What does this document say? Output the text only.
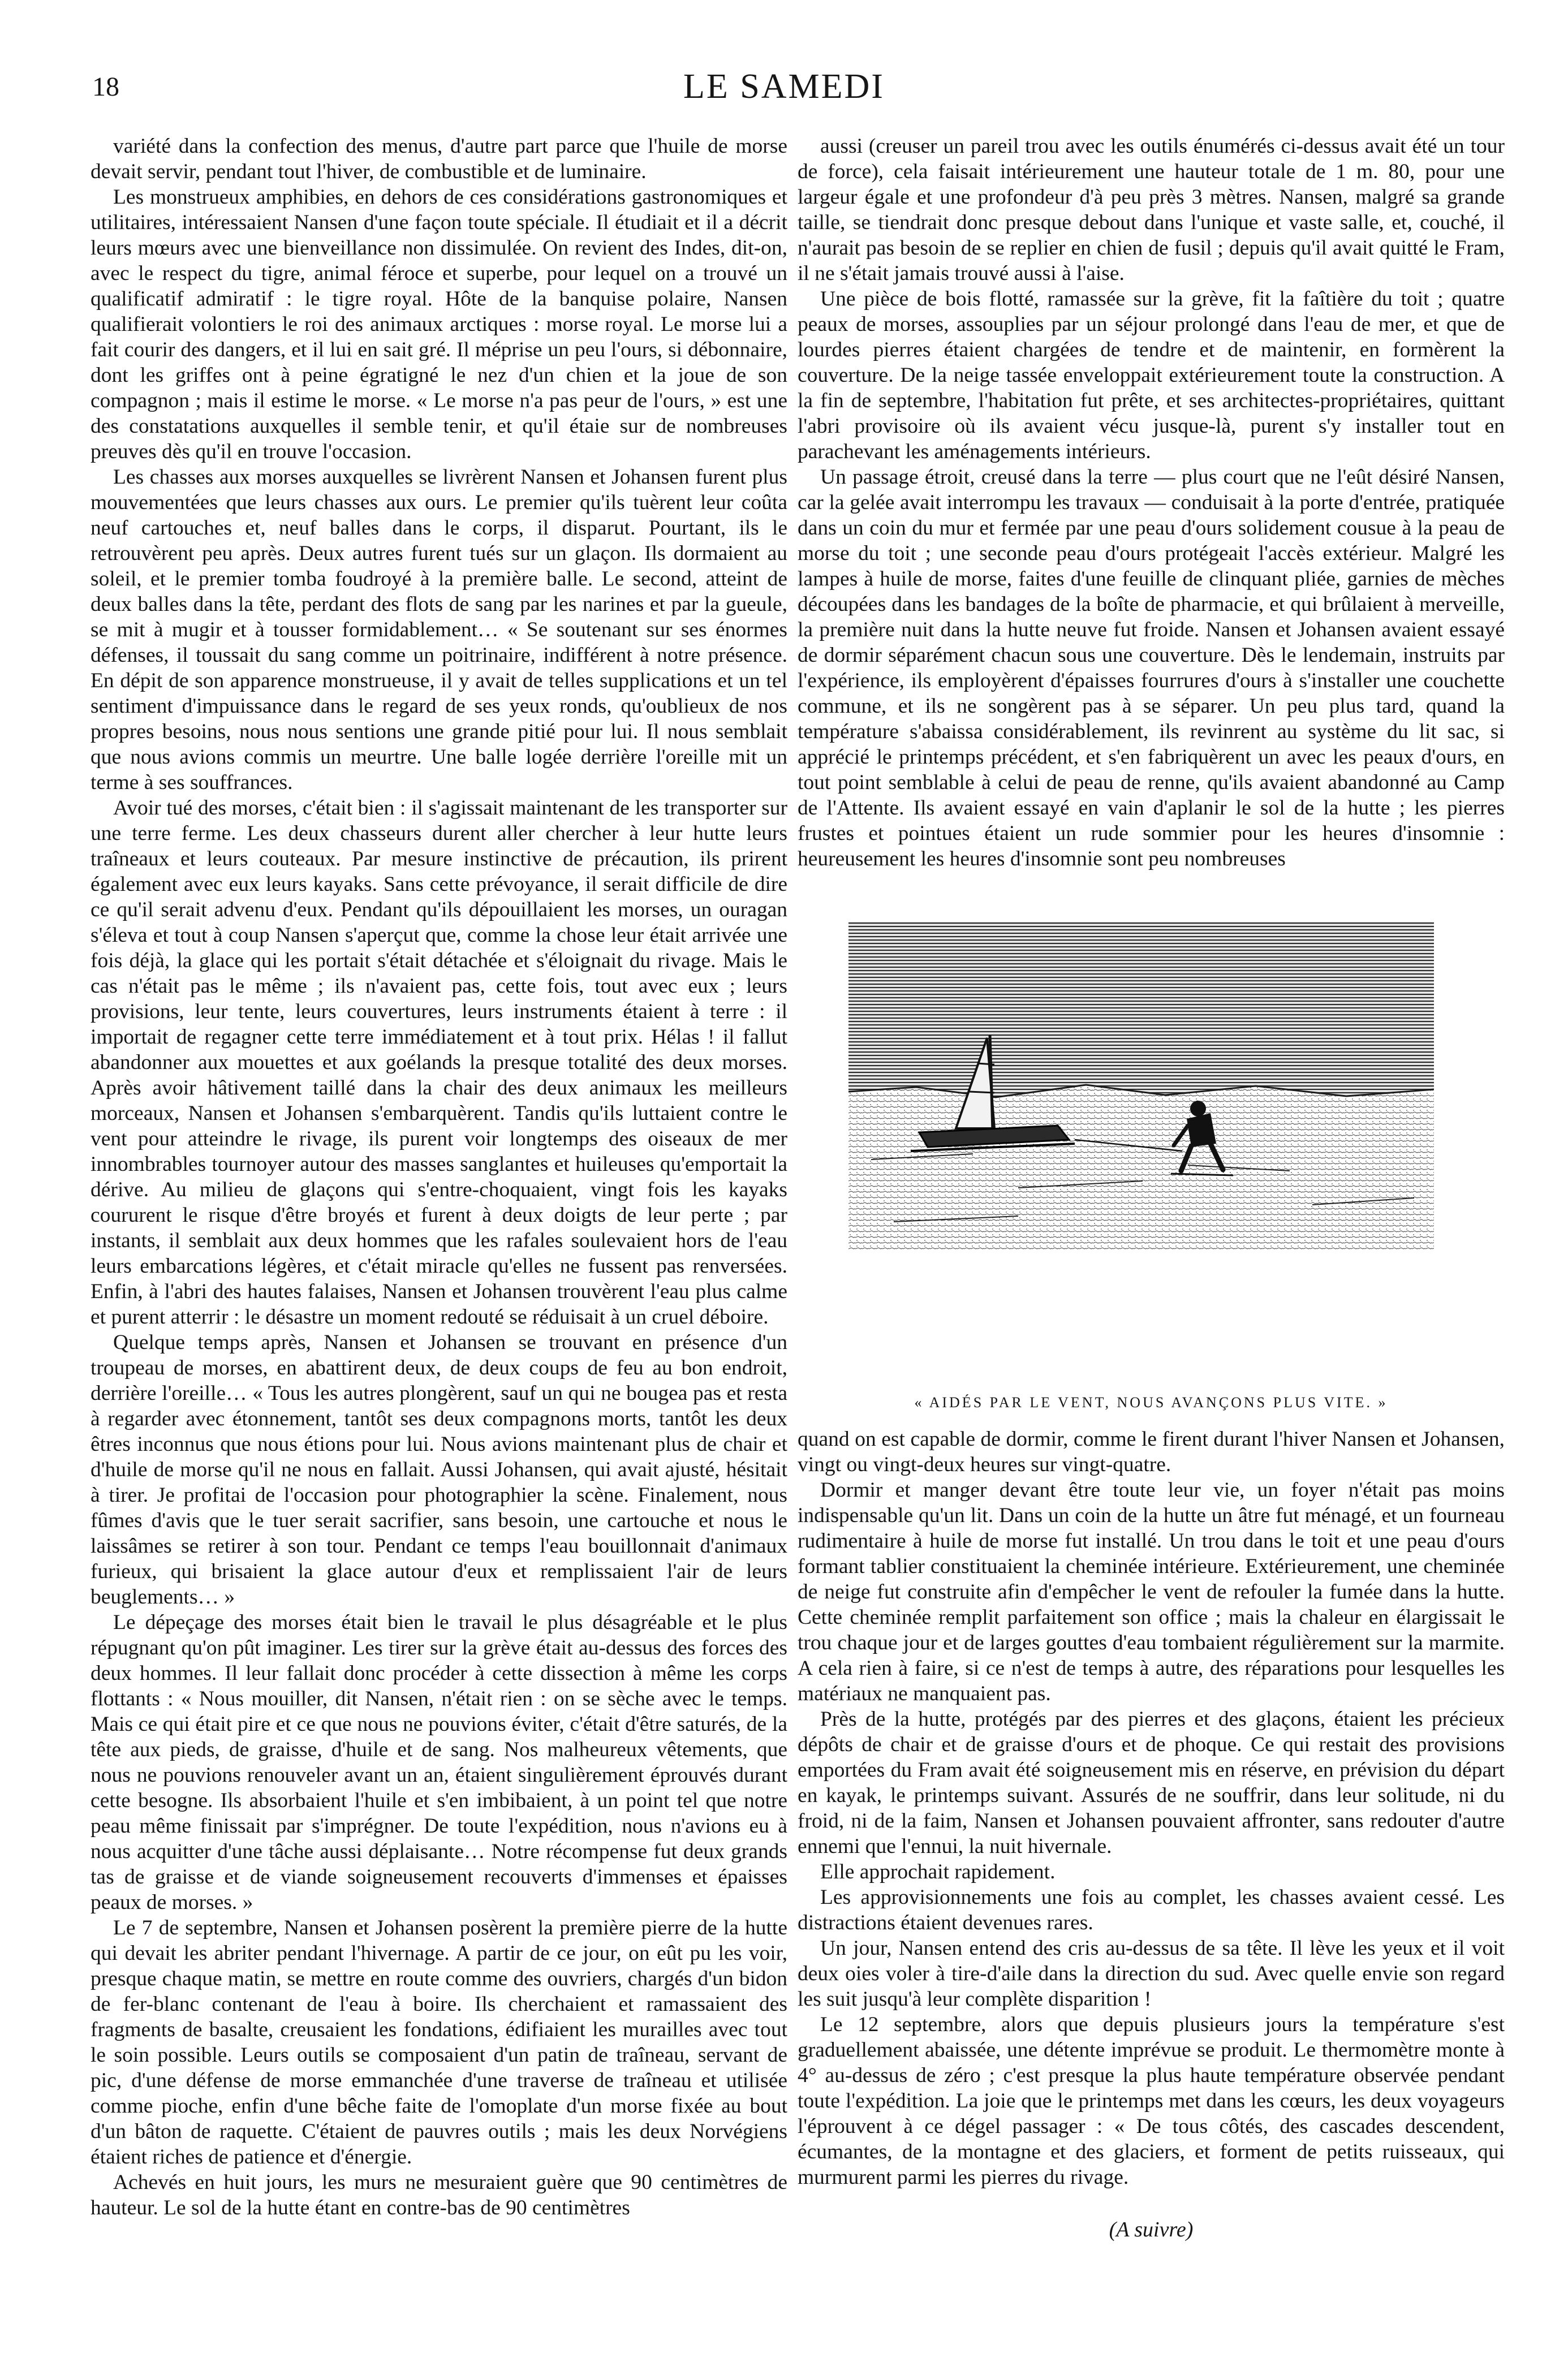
18	LE SAMEDI

variété dans la confection des menus, d'autre part parce que l'huile de morse devait servir, pendant tout l'hiver, de combustible et de luminaire.

Les monstrueux amphibies, en dehors de ces considérations gastronomiques et utilitaires, intéressaient Nansen d'une façon toute spéciale. Il étudiait et il a décrit leurs mœurs avec une bienveillance non dissimulée. On revient des Indes, dit-on, avec le respect du tigre, animal féroce et superbe, pour lequel on a trouvé un qualificatif admiratif : le tigre royal. Hôte de la banquise polaire, Nansen qualifierait volontiers le roi des animaux arctiques : morse royal. Le morse lui a fait courir des dangers, et il lui en sait gré. Il méprise un peu l'ours, si débonnaire, dont les griffes ont à peine égratigné le nez d'un chien et la joue de son compagnon ; mais il estime le morse. « Le morse n'a pas peur de l'ours, » est une des constatations auxquelles il semble tenir, et qu'il étaie sur de nombreuses preuves dès qu'il en trouve l'occasion.

Les chasses aux morses auxquelles se livrèrent Nansen et Johansen furent plus mouvementées que leurs chasses aux ours. Le premier qu'ils tuèrent leur coûta neuf cartouches et, neuf balles dans le corps, il disparut. Pourtant, ils le retrouvèrent peu après. Deux autres furent tués sur un glaçon. Ils dormaient au soleil, et le premier tomba foudroyé à la première balle. Le second, atteint de deux balles dans la tête, perdant des flots de sang par les narines et par la gueule, se mit à mugir et à tousser formidablement… « Se soutenant sur ses énormes défenses, il toussait du sang comme un poitrinaire, indifférent à notre présence. En dépit de son apparence monstrueuse, il y avait de telles supplications et un tel sentiment d'impuissance dans le regard de ses yeux ronds, qu'oublieux de nos propres besoins, nous nous sentions une grande pitié pour lui. Il nous semblait que nous avions commis un meurtre. Une balle logée derrière l'oreille mit un terme à ses souffrances.

Avoir tué des morses, c'était bien : il s'agissait maintenant de les transporter sur une terre ferme. Les deux chasseurs durent aller chercher à leur hutte leurs traîneaux et leurs couteaux. Par mesure instinctive de précaution, ils prirent également avec eux leurs kayaks. Sans cette prévoyance, il serait difficile de dire ce qu'il serait advenu d'eux. Pendant qu'ils dépouillaient les morses, un ouragan s'éleva et tout à coup Nansen s'aperçut que, comme la chose leur était arrivée une fois déjà, la glace qui les portait s'était détachée et s'éloignait du rivage. Mais le cas n'était pas le même ; ils n'avaient pas, cette fois, tout avec eux ; leurs provisions, leur tente, leurs couvertures, leurs instruments étaient à terre : il importait de regagner cette terre immédiatement et à tout prix. Hélas ! il fallut abandonner aux mouettes et aux goélands la presque totalité des deux morses. Après avoir hâtivement taillé dans la chair des deux animaux les meilleurs morceaux, Nansen et Johansen s'embarquèrent. Tandis qu'ils luttaient contre le vent pour atteindre le rivage, ils purent voir longtemps des oiseaux de mer innombrables tournoyer autour des masses sanglantes et huileuses qu'emportait la dérive. Au milieu de glaçons qui s'entre-choquaient, vingt fois les kayaks coururent le risque d'être broyés et furent à deux doigts de leur perte ; par instants, il semblait aux deux hommes que les rafales soulevaient hors de l'eau leurs embarcations légères, et c'était miracle qu'elles ne fussent pas renversées. Enfin, à l'abri des hautes falaises, Nansen et Johansen trouvèrent l'eau plus calme et purent atterrir : le désastre un moment redouté se réduisait à un cruel déboire.

Quelque temps après, Nansen et Johansen se trouvant en présence d'un troupeau de morses, en abattirent deux, de deux coups de feu au bon endroit, derrière l'oreille… « Tous les autres plongèrent, sauf un qui ne bougea pas et resta à regarder avec étonnement, tantôt ses deux compagnons morts, tantôt les deux êtres inconnus que nous étions pour lui. Nous avions maintenant plus de chair et d'huile de morse qu'il ne nous en fallait. Aussi Johansen, qui avait ajusté, hésitait à tirer. Je profitai de l'occasion pour photographier la scène. Finalement, nous fûmes d'avis que le tuer serait sacrifier, sans besoin, une cartouche et nous le laissâmes se retirer à son tour. Pendant ce temps l'eau bouillonnait d'animaux furieux, qui brisaient la glace autour d'eux et remplissaient l'air de leurs beuglements… »

Le dépeçage des morses était bien le travail le plus désagréable et le plus répugnant qu'on pût imaginer. Les tirer sur la grève était au-dessus des forces des deux hommes. Il leur fallait donc procéder à cette dissection à même les corps flottants : « Nous mouiller, dit Nansen, n'était rien : on se sèche avec le temps. Mais ce qui était pire et ce que nous ne pouvions éviter, c'était d'être saturés, de la tête aux pieds, de graisse, d'huile et de sang. Nos malheureux vêtements, que nous ne pouvions renouveler avant un an, étaient singulièrement éprouvés durant cette besogne. Ils absorbaient l'huile et s'en imbibaient, à un point tel que notre peau même finissait par s'imprégner. De toute l'expédition, nous n'avions eu à nous acquitter d'une tâche aussi déplaisante… Notre récompense fut deux grands tas de graisse et de viande soigneusement recouverts d'immenses et épaisses peaux de morses. »

Le 7 de septembre, Nansen et Johansen posèrent la première pierre de la hutte qui devait les abriter pendant l'hivernage. A partir de ce jour, on eût pu les voir, presque chaque matin, se mettre en route comme des ouvriers, chargés d'un bidon de fer-blanc contenant de l'eau à boire. Ils cherchaient et ramassaient des fragments de basalte, creusaient les fondations, édifiaient les murailles avec tout le soin possible. Leurs outils se composaient d'un patin de traîneau, servant de pic, d'une défense de morse emmanchée d'une traverse de traîneau et utilisée comme pioche, enfin d'une bêche faite de l'omoplate d'un morse fixée au bout d'un bâton de raquette. C'étaient de pauvres outils ; mais les deux Norvégiens étaient riches de patience et d'énergie.

Achevés en huit jours, les murs ne mesuraient guère que 90 centimètres de hauteur. Le sol de la hutte étant en contre-bas de 90 centimètres

aussi (creuser un pareil trou avec les outils énumérés ci-dessus avait été un tour de force), cela faisait intérieurement une hauteur totale de 1 m. 80, pour une largeur égale et une profondeur d'à peu près 3 mètres. Nansen, malgré sa grande taille, se tiendrait donc presque debout dans l'unique et vaste salle, et, couché, il n'aurait pas besoin de se replier en chien de fusil ; depuis qu'il avait quitté le Fram, il ne s'était jamais trouvé aussi à l'aise.

Une pièce de bois flotté, ramassée sur la grève, fit la faîtière du toit ; quatre peaux de morses, assouplies par un séjour prolongé dans l'eau de mer, et que de lourdes pierres étaient chargées de tendre et de maintenir, en formèrent la couverture. De la neige tassée enveloppait extérieurement toute la construction. A la fin de septembre, l'habitation fut prête, et ses architectes-propriétaires, quittant l'abri provisoire où ils avaient vécu jusque-là, purent s'y installer tout en parachevant les aménagements intérieurs.

Un passage étroit, creusé dans la terre — plus court que ne l'eût désiré Nansen, car la gelée avait interrompu les travaux — conduisait à la porte d'entrée, pratiquée dans un coin du mur et fermée par une peau d'ours solidement cousue à la peau de morse du toit ; une seconde peau d'ours protégeait l'accès extérieur. Malgré les lampes à huile de morse, faites d'une feuille de clinquant pliée, garnies de mèches découpées dans les bandages de la boîte de pharmacie, et qui brûlaient à merveille, la première nuit dans la hutte neuve fut froide. Nansen et Johansen avaient essayé de dormir séparément chacun sous une couverture. Dès le lendemain, instruits par l'expérience, ils employèrent d'épaisses fourrures d'ours à s'installer une couchette commune, et ils ne songèrent pas à se séparer. Un peu plus tard, quand la température s'abaissa considérablement, ils revinrent au système du lit sac, si apprécié le printemps précédent, et s'en fabriquèrent un avec les peaux d'ours, en tout point semblable à celui de peau de renne, qu'ils avaient abandonné au Camp de l'Attente. Ils avaient essayé en vain d'aplanir le sol de la hutte ; les pierres frustes et pointues étaient un rude sommier pour les heures d'insomnie : heureusement les heures d'insomnie sont peu nombreuses

« AIDÉS PAR LE VENT, NOUS AVANÇONS PLUS VITE. »

quand on est capable de dormir, comme le firent durant l'hiver Nansen et Johansen, vingt ou vingt-deux heures sur vingt-quatre.

Dormir et manger devant être toute leur vie, un foyer n'était pas moins indispensable qu'un lit. Dans un coin de la hutte un âtre fut ménagé, et un fourneau rudimentaire à huile de morse fut installé. Un trou dans le toit et une peau d'ours formant tablier constituaient la cheminée intérieure. Extérieurement, une cheminée de neige fut construite afin d'empêcher le vent de refouler la fumée dans la hutte. Cette cheminée remplit parfaitement son office ; mais la chaleur en élargissait le trou chaque jour et de larges gouttes d'eau tombaient régulièrement sur la marmite. A cela rien à faire, si ce n'est de temps à autre, des réparations pour lesquelles les matériaux ne manquaient pas.

Près de la hutte, protégés par des pierres et des glaçons, étaient les précieux dépôts de chair et de graisse d'ours et de phoque. Ce qui restait des provisions emportées du Fram avait été soigneusement mis en réserve, en prévision du départ en kayak, le printemps suivant. Assurés de ne souffrir, dans leur solitude, ni du froid, ni de la faim, Nansen et Johansen pouvaient affronter, sans redouter d'autre ennemi que l'ennui, la nuit hivernale.

Elle approchait rapidement.

Les approvisionnements une fois au complet, les chasses avaient cessé. Les distractions étaient devenues rares.

Un jour, Nansen entend des cris au-dessus de sa tête. Il lève les yeux et il voit deux oies voler à tire-d'aile dans la direction du sud. Avec quelle envie son regard les suit jusqu'à leur complète disparition !

Le 12 septembre, alors que depuis plusieurs jours la température s'est graduellement abaissée, une détente imprévue se produit. Le thermomètre monte à 4° au-dessus de zéro ; c'est presque la plus haute température observée pendant toute l'expédition. La joie que le printemps met dans les cœurs, les deux voyageurs l'éprouvent à ce dégel passager : « De tous côtés, des cascades descendent, écumantes, de la montagne et des glaciers, et forment de petits ruisseaux, qui murmurent parmi les pierres du rivage.

(A suivre)
